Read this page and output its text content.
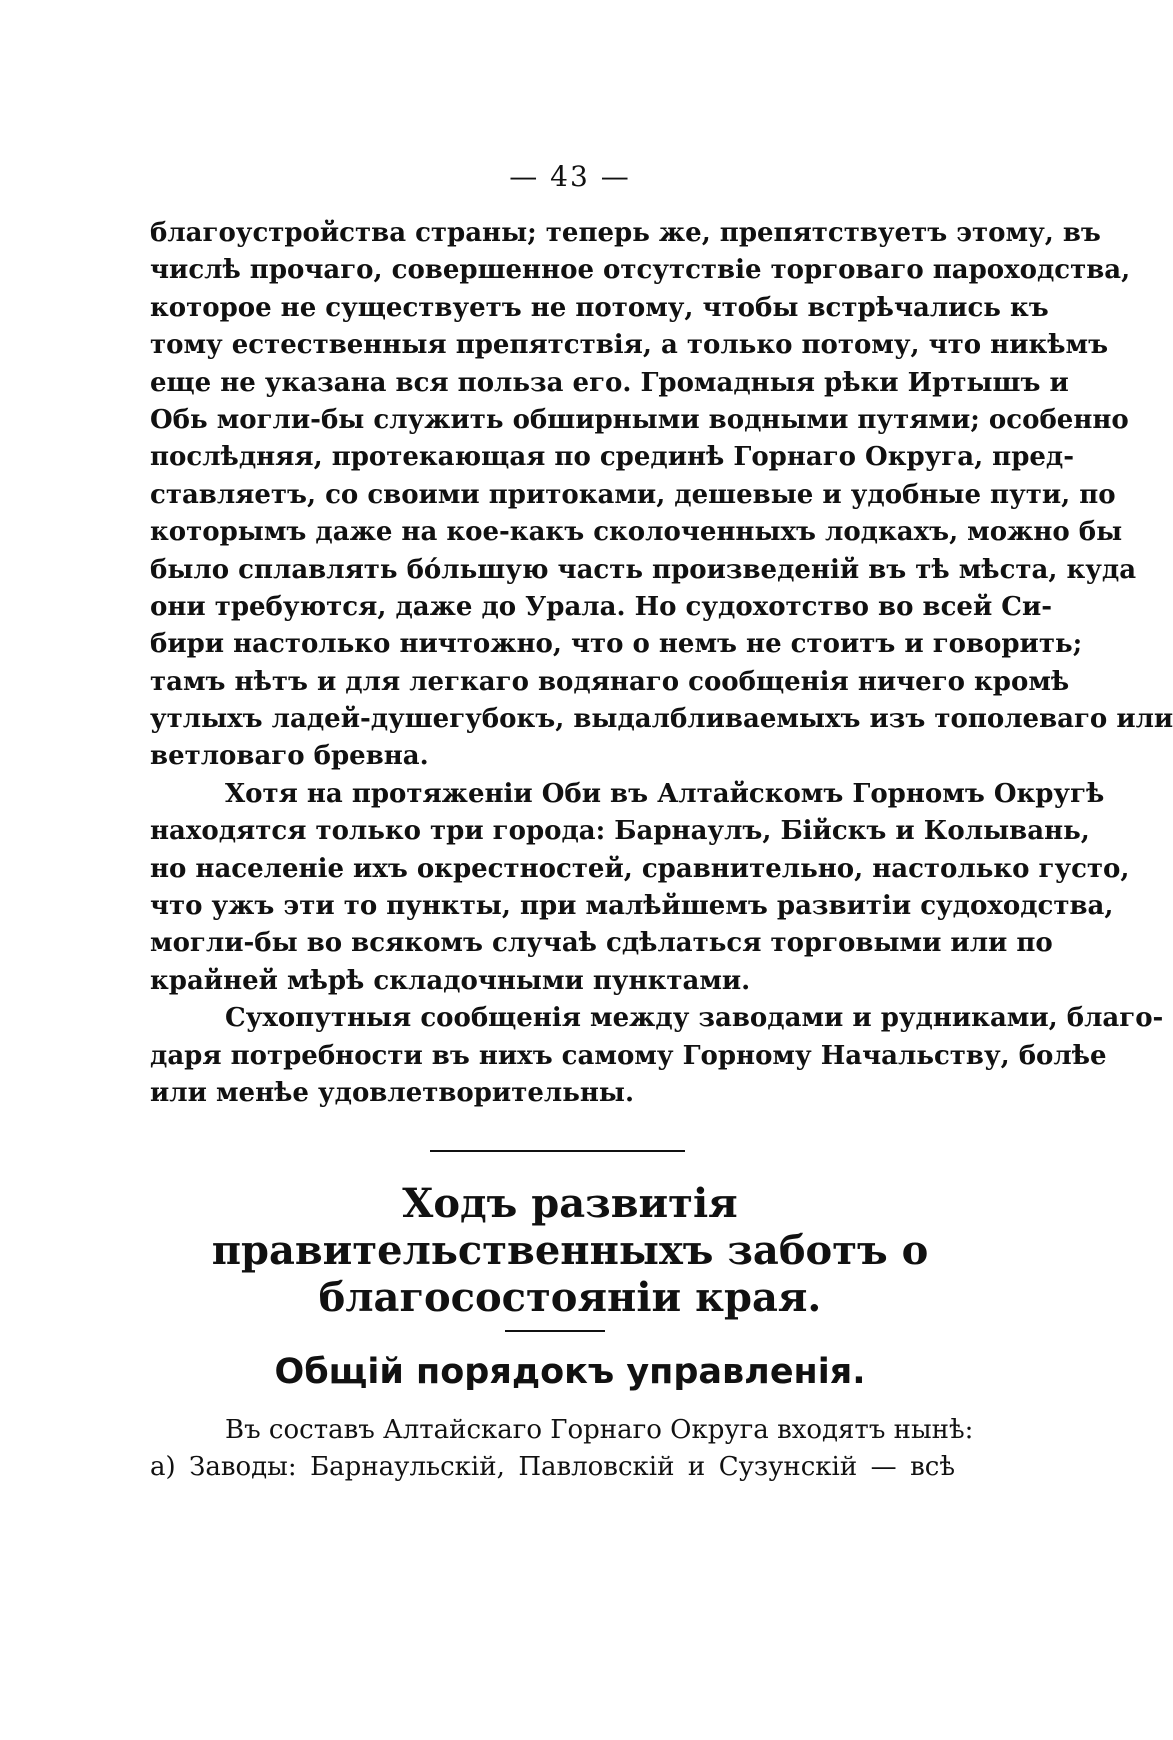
— 43 —
благоустройства страны; теперь же, препятствуетъ этому, въ
числѣ прочаго, совершенное отсутствіе торговаго пароходства,
которое не существуетъ не потому, чтобы встрѣчались къ
тому естественныя препятствія, а только потому, что никѣмъ
еще не указана вся польза его. Громадныя рѣки Иртышъ и
Обь могли-бы служить обширными водными путями; особенно
послѣдняя, протекающая по срединѣ Горнаго Округа, пред-
ставляетъ, со своими притоками, дешевые и удобные пути, по
которымъ даже на кое-какъ сколоченныхъ лодкахъ, можно бы
было сплавлять бо́льшую часть произведеній въ тѣ мѣста, куда
они требуются, даже до Урала. Но судохотство во всей Си-
бири настолько ничтожно, что о немъ не стоитъ и говорить;
тамъ нѣтъ и для легкаго водянаго сообщенія ничего кромѣ
утлыхъ ладей-душегубокъ, выдалбливаемыхъ изъ тополеваго или
ветловаго бревна.
Хотя на протяженіи Оби въ Алтайскомъ Горномъ Округѣ
находятся только три города: Барнаулъ, Бійскъ и Колывань,
но населеніе ихъ окрестностей, сравнительно, настолько густо,
что ужъ эти то пункты, при малѣйшемъ развитіи судоходства,
могли-бы во всякомъ случаѣ сдѣлаться торговыми или по
крайней мѣрѣ складочными пунктами.
Сухопутныя сообщенія между заводами и рудниками, благо-
даря потребности въ нихъ самому Горному Начальству, болѣе
или менѣе удовлетворительны.
Ходъ развитія
правительственныхъ заботъ о
благосостояніи края.
Общій порядокъ управленія.
Въ составъ Алтайскаго Горнаго Округа входятъ нынѣ:
а) Заводы: Барнаульскій, Павловскій и Сузунскій — всѣ
